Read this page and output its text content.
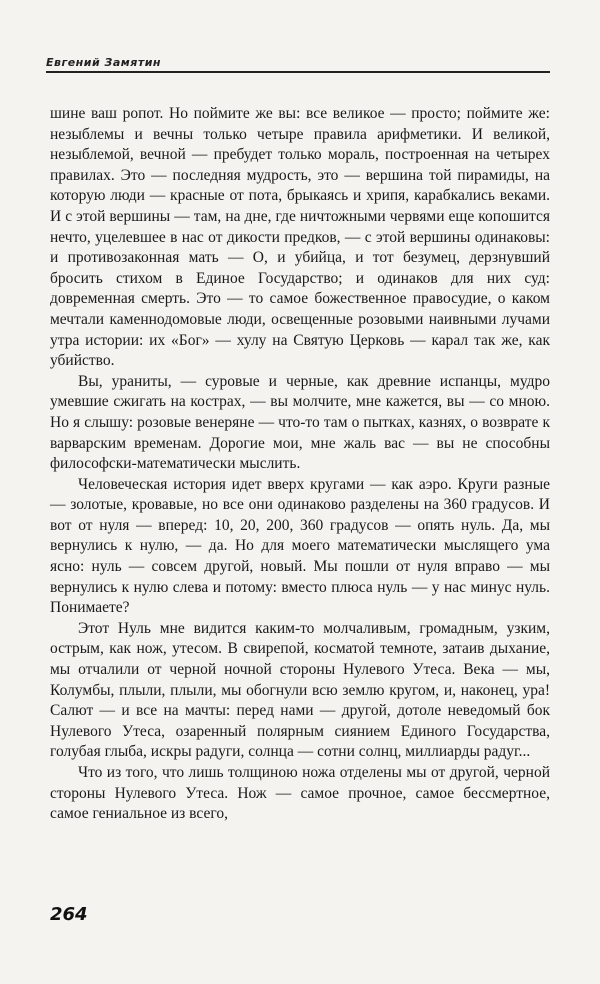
Евгений Замятин

шине ваш ропот. Но поймите же вы: все великое — просто; поймите же: незыблемы и вечны только четыре правила арифметики. И великой, незыблемой, вечной — пребудет только мораль, построенная на четырех правилах. Это — последняя мудрость, это — вершина той пирамиды, на которую люди — красные от пота, брыкаясь и хрипя, карабкались веками. И с этой вершины — там, на дне, где ничтожными червями еще копошится нечто, уцелевшее в нас от дикости предков, — с этой вершины одинаковы: и противозаконная мать — О, и убийца, и тот безумец, дерзнувший бросить стихом в Единое Государство; и одинаков для них суд: довременная смерть. Это — то самое божественное правосудие, о каком мечтали каменнодомовые люди, освещенные розовыми наивными лучами утра истории: их «Бог» — хулу на Святую Церковь — карал так же, как убийство.

Вы, ураниты, — суровые и черные, как древние испанцы, мудро умевшие сжигать на кострах, — вы молчите, мне кажется, вы — со мною. Но я слышу: розовые венеряне — что-то там о пытках, казнях, о возврате к варварским временам. Дорогие мои, мне жаль вас — вы не способны философски-математически мыслить.

Человеческая история идет вверх кругами — как аэро. Круги разные — золотые, кровавые, но все они одинаково разделены на 360 градусов. И вот от нуля — вперед: 10, 20, 200, 360 градусов — опять нуль. Да, мы вернулись к нулю, — да. Но для моего математически мыслящего ума ясно: нуль — совсем другой, новый. Мы пошли от нуля вправо — мы вернулись к нулю слева и потому: вместо плюса нуль — у нас минус нуль. Понимаете?

Этот Нуль мне видится каким-то молчаливым, громадным, узким, острым, как нож, утесом. В свирепой, косматой темноте, затаив дыхание, мы отчалили от черной ночной стороны Нулевого Утеса. Века — мы, Колумбы, плыли, плыли, мы обогнули всю землю кругом, и, наконец, ура! Салют — и все на мачты: перед нами — другой, дотоле неведомый бок Нулевого Утеса, озаренный полярным сиянием Единого Государства, голубая глыба, искры радуги, солнца — сотни солнц, миллиарды радуг...

Что из того, что лишь толщиною ножа отделены мы от другой, черной стороны Нулевого Утеса. Нож — самое прочное, самое бессмертное, самое гениальное из всего,

264
